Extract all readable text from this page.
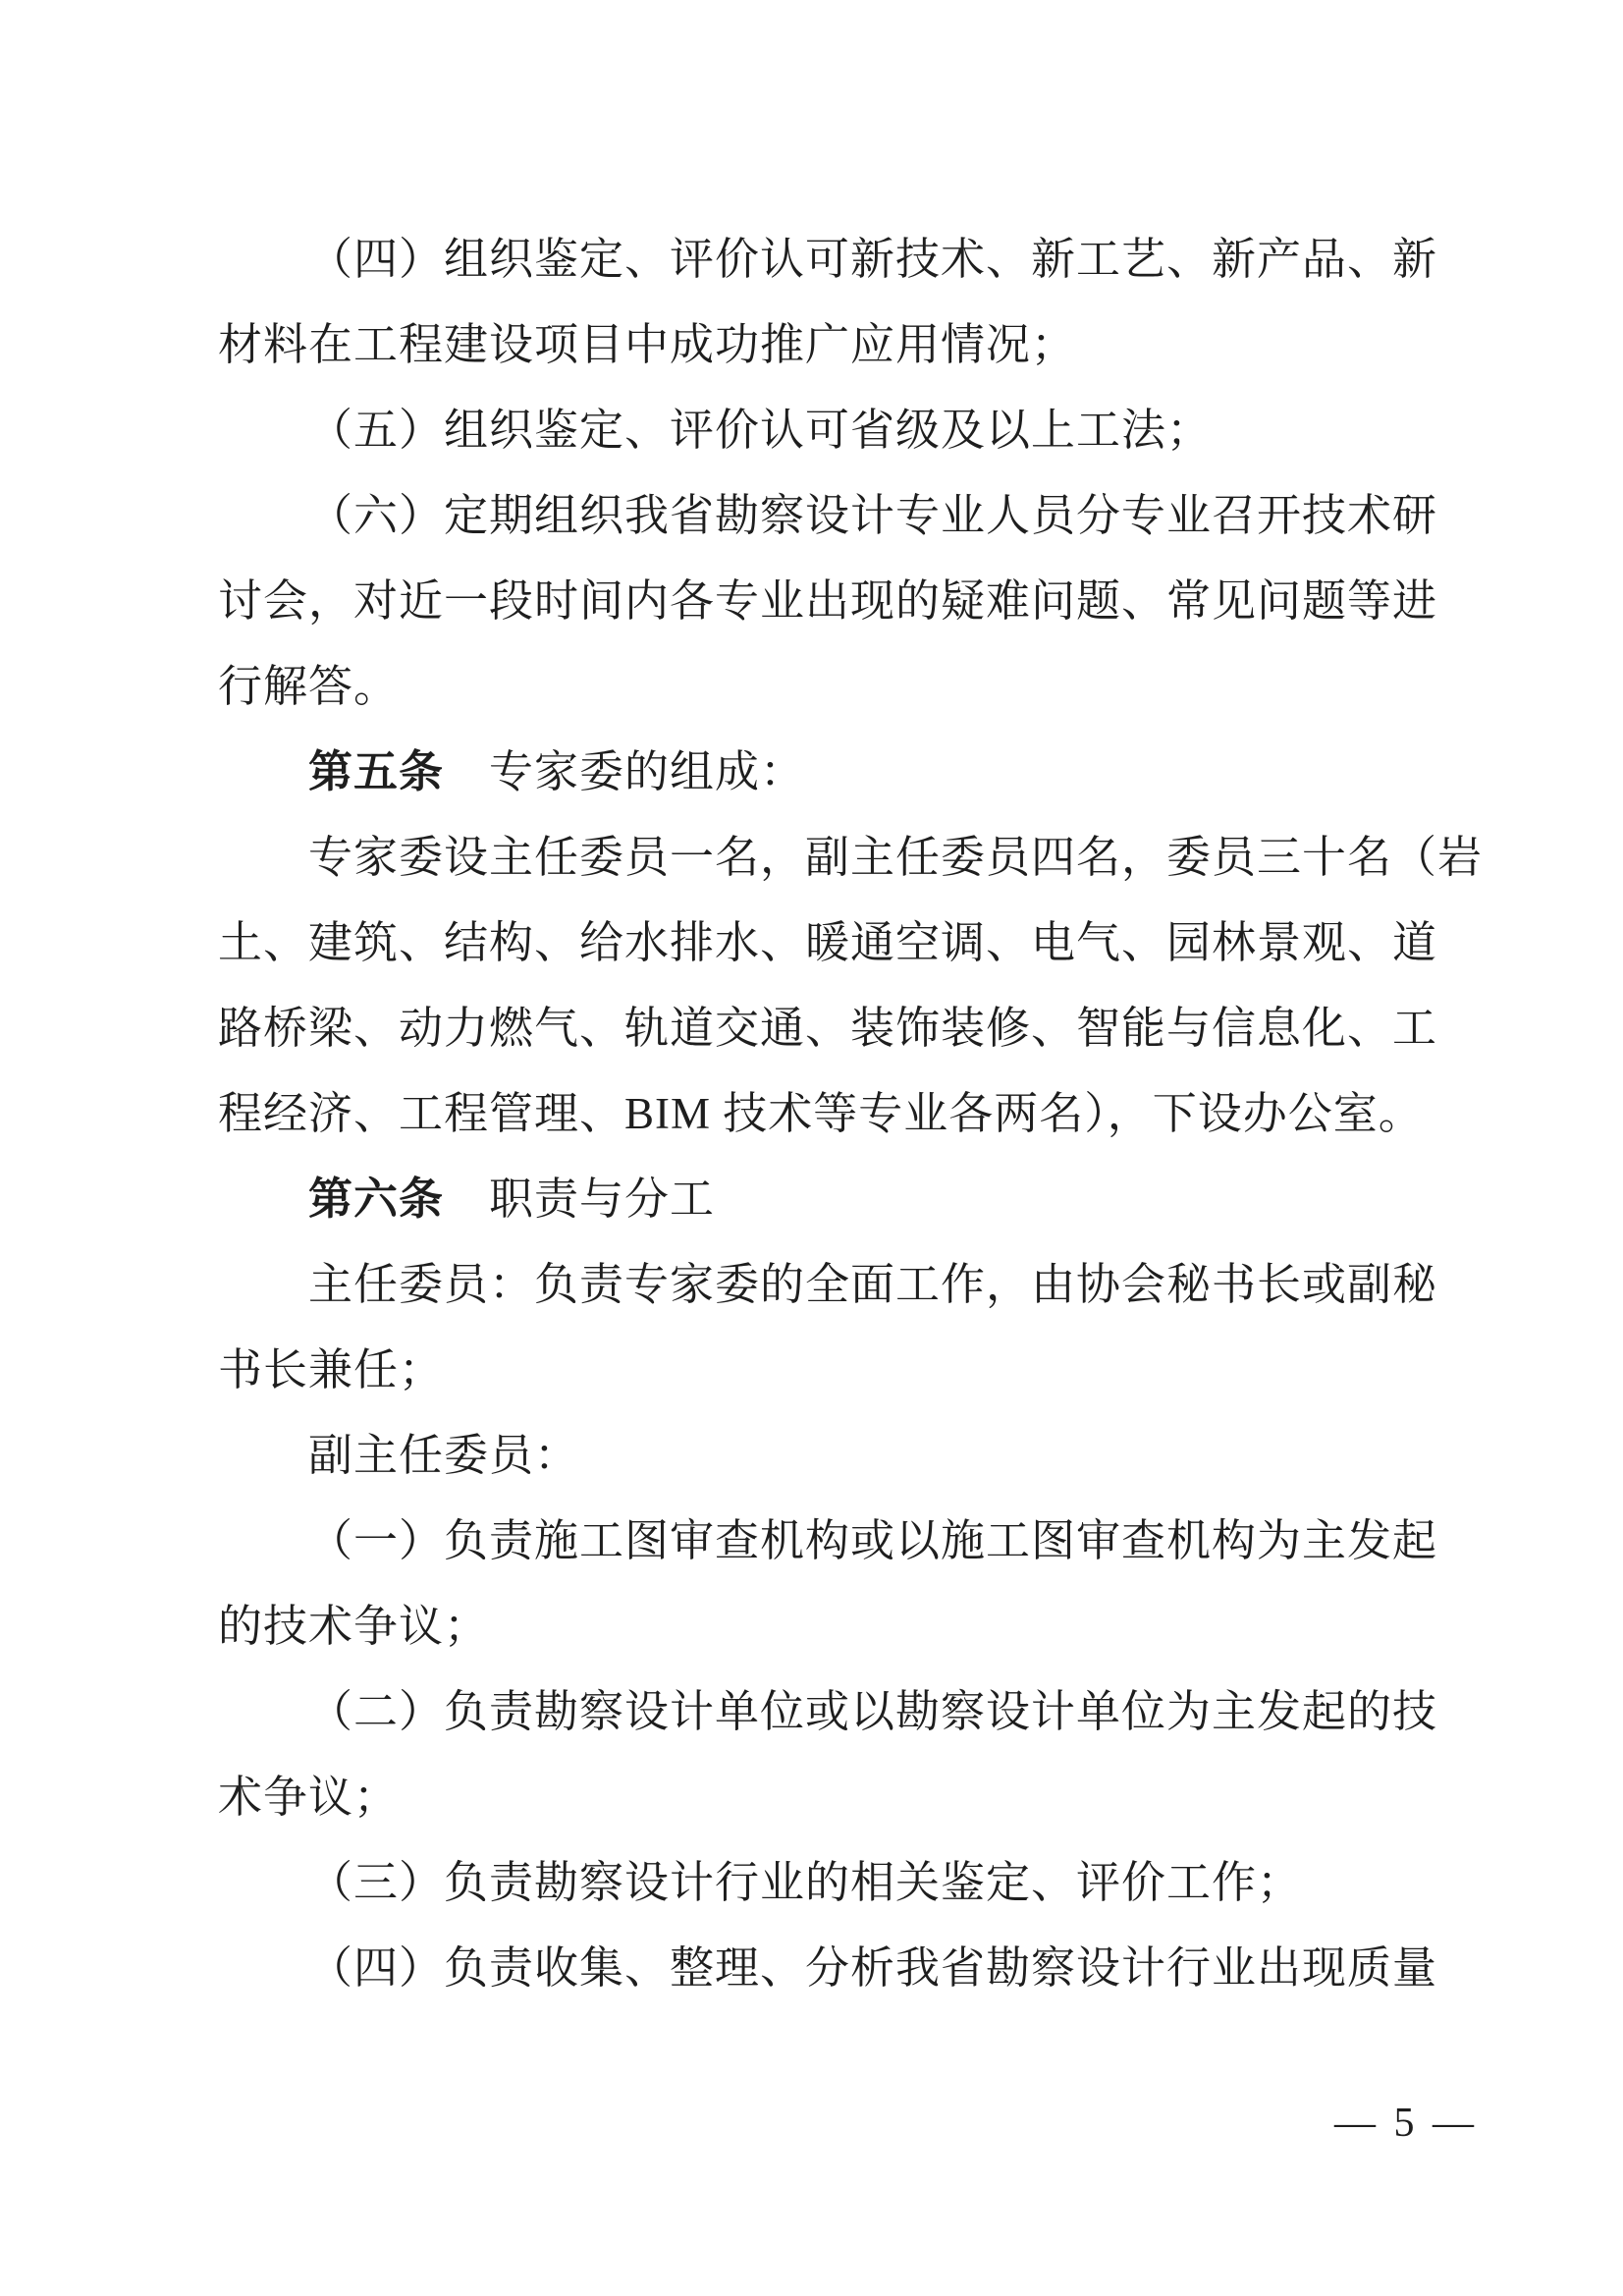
（四）组织鉴定、评价认可新技术、新工艺、新产品、新
材料在工程建设项目中成功推广应用情况；
（五）组织鉴定、评价认可省级及以上工法；
（六）定期组织我省勘察设计专业人员分专业召开技术研
讨会，对近一段时间内各专业出现的疑难问题、常见问题等进
行解答。
第五条　专家委的组成：
专家委设主任委员一名，副主任委员四名，委员三十名（岩
土、建筑、结构、给水排水、暖通空调、电气、园林景观、道
路桥梁、动力燃气、轨道交通、装饰装修、智能与信息化、工
程经济、工程管理、BIM 技术等专业各两名），下设办公室。
第六条　职责与分工
主任委员：负责专家委的全面工作，由协会秘书长或副秘
书长兼任；
副主任委员：
（一）负责施工图审查机构或以施工图审查机构为主发起
的技术争议；
（二）负责勘察设计单位或以勘察设计单位为主发起的技
术争议；
（三）负责勘察设计行业的相关鉴定、评价工作；
（四）负责收集、整理、分析我省勘察设计行业出现质量
— 5 —
